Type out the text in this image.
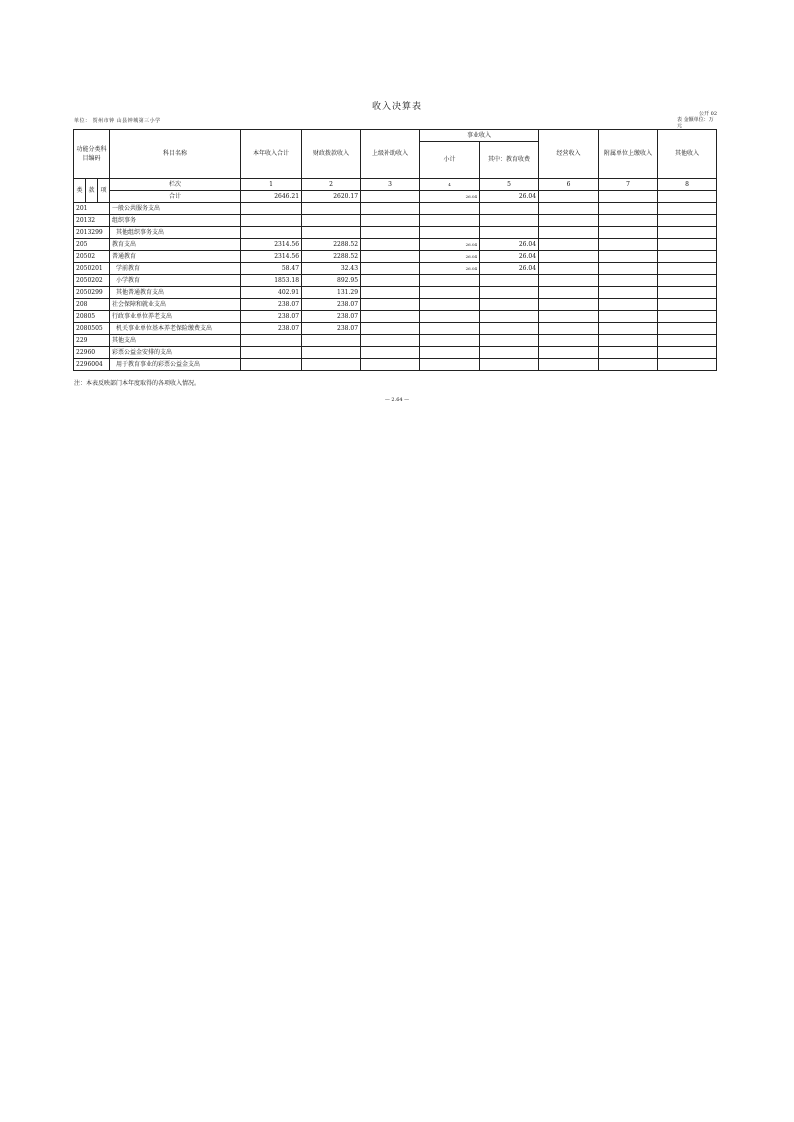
收入决算表
单位： 贺州市钟 山县钟城第三小学
公开 02
表 金额单位：万元
功能分类科 目编码			科目名称	本年收入合计	财政拨款收入	上级补助收入	事业收入		经营收入	附属单位上缴收入	其他收入
							小计	其中：教育收费			
类	款	项	栏次	1	2	3	4	5	6	7	8
			合计	2646.21	2620.17		26.04	26.04			
201			一般公共服务支出								
20132			组织事务								
2013299			其他组织事务支出								
205			教育支出	2314.56	2288.52		26.04	26.04			
20502			普通教育	2314.56	2288.52		26.04	26.04			
2050201			学前教育	58.47	32.43		26.04	26.04			
2050202			小学教育	1853.18	892.95						
2050299			其他普通教育支出	402.91	131.29						
208			社会保障和就业支出	238.07	238.07						
20805			行政事业单位养老支出	238.07	238.07						
2080505			机关事业单位基本养老保险缴费支出	238.07	238.07						
229			其他支出								
22960			彩票公益金安排的支出								
2296004			用于教育事业的彩票公益金支出								
注：本表反映部门本年度取得的各项收入情况。
— 2.64 —
